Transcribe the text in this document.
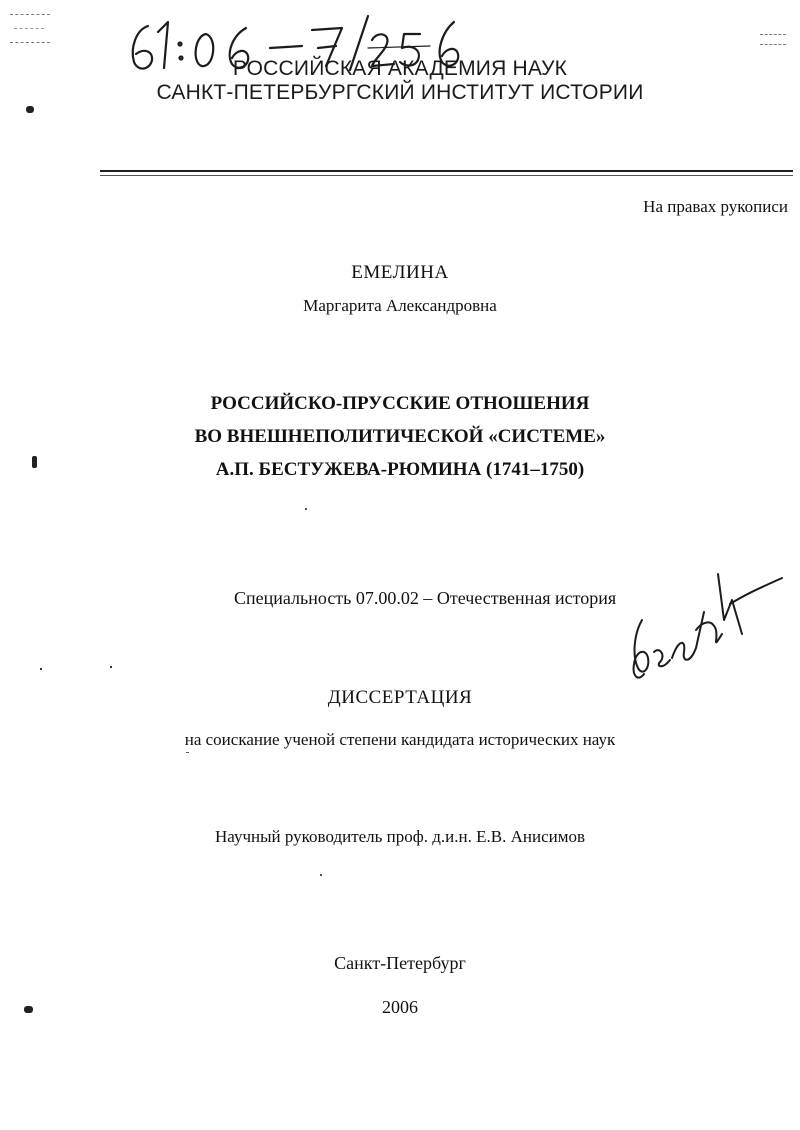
РОССИЙСКАЯ АКАДЕМИЯ НАУК
САНКТ-ПЕТЕРБУРГСКИЙ ИНСТИТУТ ИСТОРИИ
На правах рукописи
ЕМЕЛИНА
Маргарита Александровна
РОССИЙСКО-ПРУССКИЕ ОТНОШЕНИЯ
ВО ВНЕШНЕПОЛИТИЧЕСКОЙ «СИСТЕМЕ»
А.П. БЕСТУЖЕВА-РЮМИНА (1741–1750)
Специальность 07.00.02 – Отечественная история
ДИССЕРТАЦИЯ
на соискание ученой степени кандидата исторических наук
Научный руководитель проф. д.и.н. Е.В. Анисимов
Санкт-Петербург
2006
